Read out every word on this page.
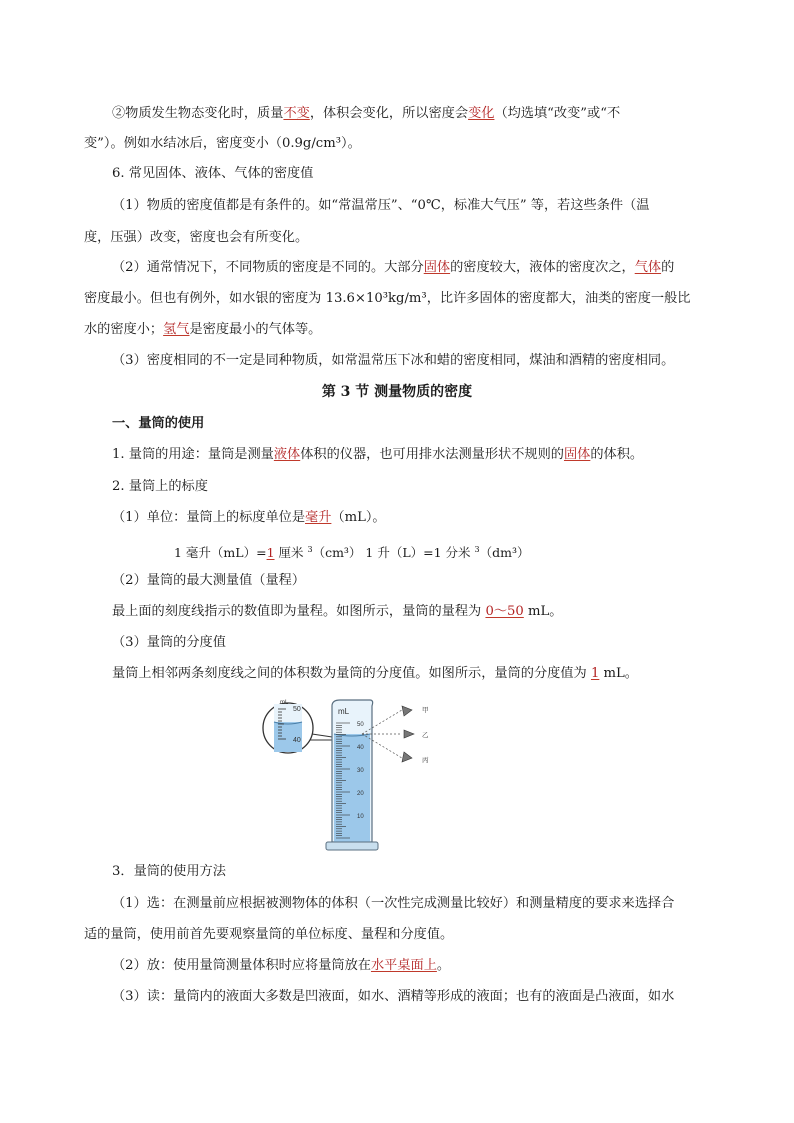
②物质发生物态变化时，质量不变，体积会变化，所以密度会变化（均选填“改变”或“不
变”）。例如水结冰后，密度变小（0.9g/cm³）。
6. 常见固体、液体、气体的密度值
（1）物质的密度值都是有条件的。如“常温常压”、“0℃，标准大气压” 等，若这些条件（温
度，压强）改变，密度也会有所变化。
（2）通常情况下，不同物质的密度是不同的。大部分固体的密度较大，液体的密度次之，气体的
密度最小。但也有例外，如水银的密度为 13.6×10³kg/m³，比许多固体的密度都大，油类的密度一般比
水的密度小；氢气是密度最小的气体等。
（3）密度相同的不一定是同种物质，如常温常压下冰和蜡的密度相同，煤油和酒精的密度相同。
第 3 节 测量物质的密度
一、量筒的使用
1. 量筒的用途：量筒是测量液体体积的仪器，也可用排水法测量形状不规则的固体的体积。
2. 量筒上的标度
（1）单位：量筒上的标度单位是毫升（mL）。
1 毫升（mL）=1 厘米 $^3$（cm³） 1 升（L）=1 分米 $^3$（dm³）
（2）量筒的最大测量值（量程）
最上面的刻度线指示的数值即为量程。如图所示，量筒的量程为 0～50 mL。
（3）量筒的分度值
量筒上相邻两条刻度线之间的体积数为量筒的分度值。如图所示，量筒的分度值为 1 mL。
mL
50
40
mL
50
40
30
20
10
甲
乙
丙
3．量筒的使用方法
（1）选：在测量前应根据被测物体的体积（一次性完成测量比较好）和测量精度的要求来选择合
适的量筒，使用前首先要观察量筒的单位标度、量程和分度值。
（2）放：使用量筒测量体积时应将量筒放在水平桌面上。
（3）读：量筒内的液面大多数是凹液面，如水、酒精等形成的液面；也有的液面是凸液面，如水
